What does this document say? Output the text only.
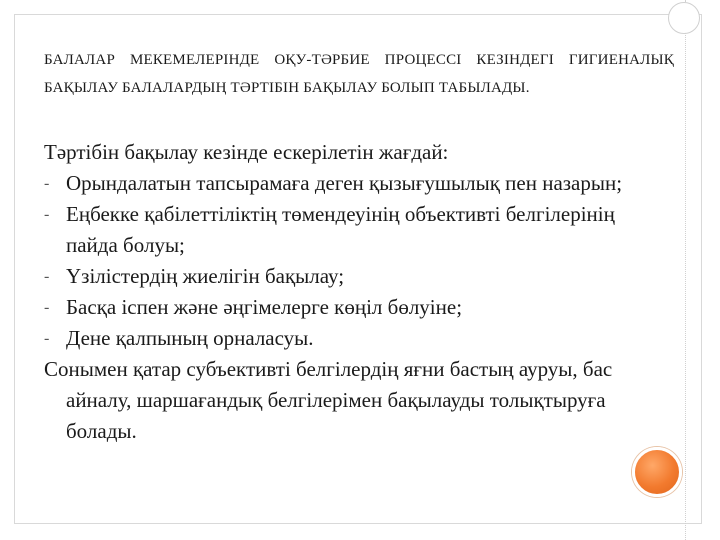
БАЛАЛАР МЕКЕМЕЛЕРІНДЕ ОҚУ-ТӘРБИЕ ПРОЦЕССІ КЕЗІНДЕГІ ГИГИЕНАЛЫҚ БАҚЫЛАУ БАЛАЛАРДЫҢ ТӘРТІБІН БАҚЫЛАУ БОЛЫП ТАБЫЛАДЫ.

Тәртібін бақылау кезінде ескерілетін жағдай:

- Орындалатын тапсырамаға деген қызығушылық пен назарын;
- Еңбекке қабілеттіліктің төмендеуінің объективті белгілерінің пайда болуы;
- Үзілістердің жиелігін бақылау;
- Басқа іспен және әңгімелерге көңіл бөлуіне;
- Дене қалпының орналасуы.

Сонымен қатар субъективті белгілердің яғни бастың ауруы, бас айналу, шаршағандық белгілерімен бақылауды толықтыруға болады.
